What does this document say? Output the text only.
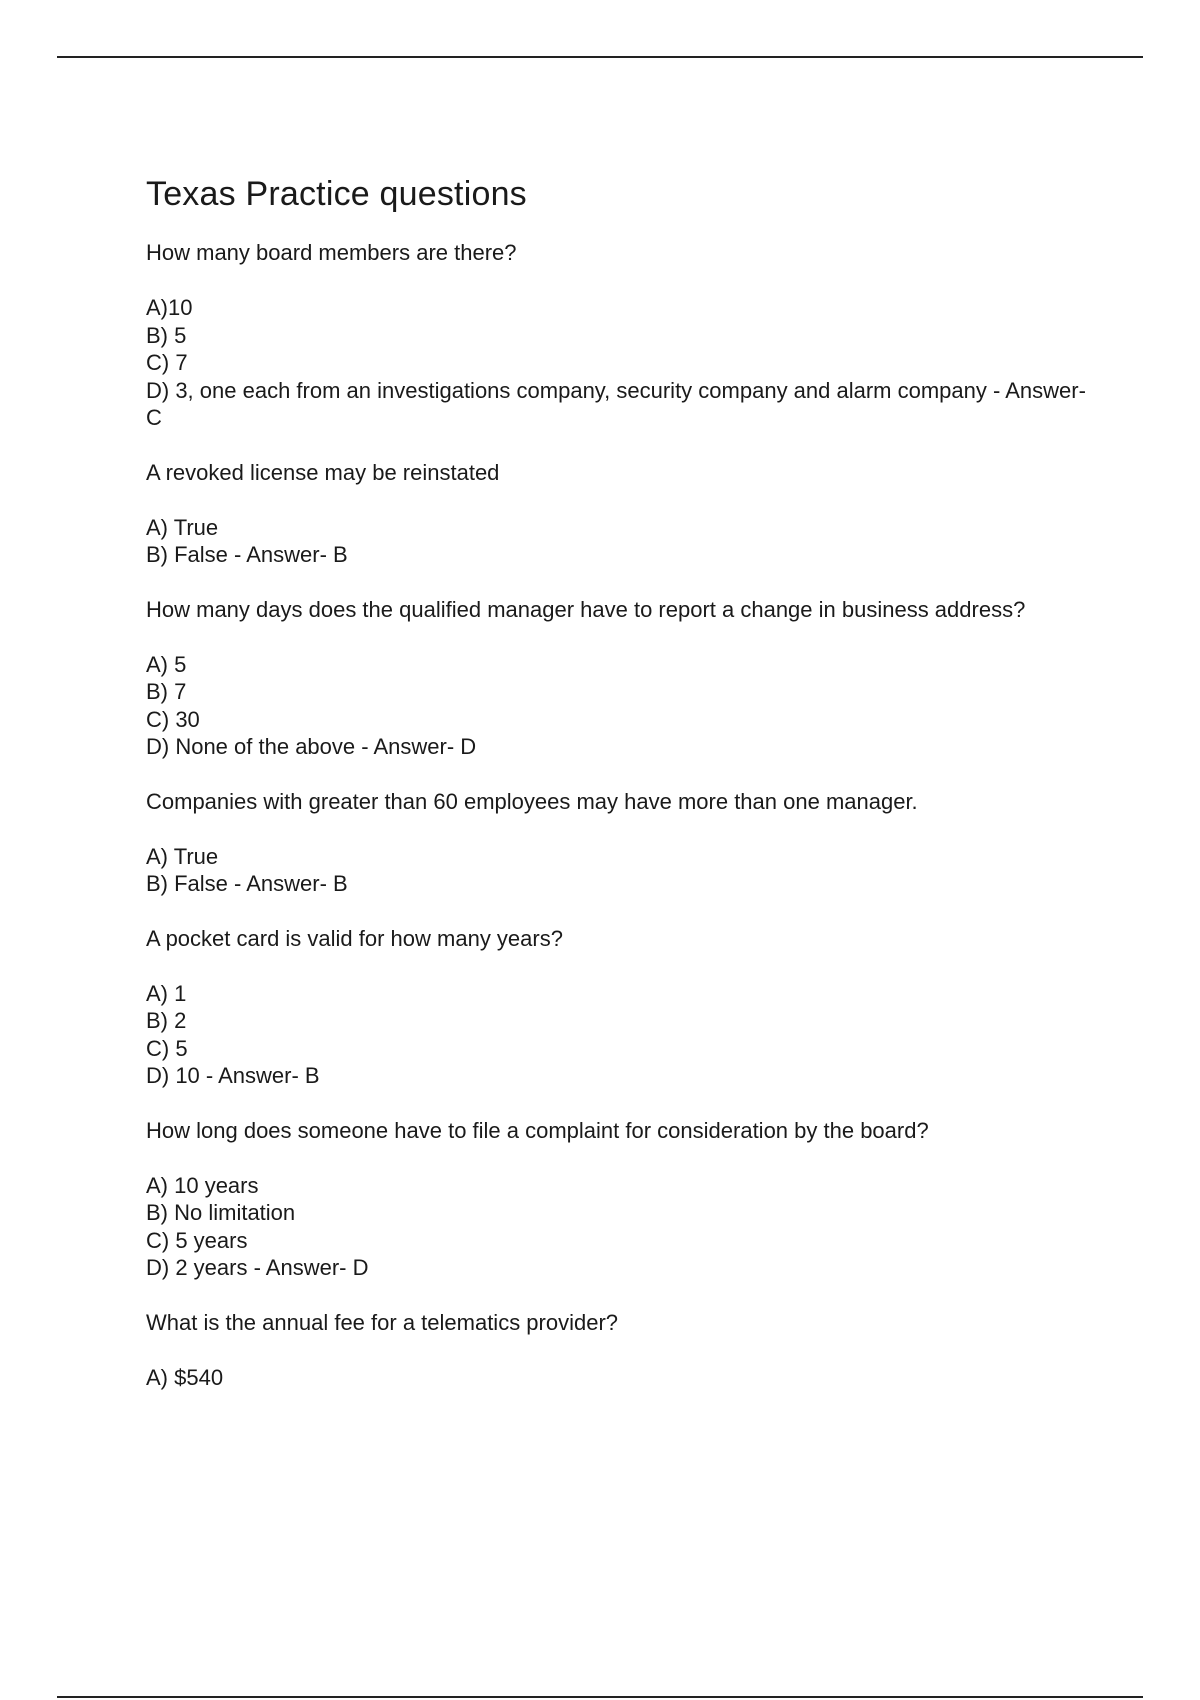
Texas Practice questions

How many board members are there?

A)10
B) 5
C) 7
D) 3, one each from an investigations company, security company and alarm company - Answer- C

A revoked license may be reinstated

A) True
B) False - Answer- B

How many days does the qualified manager have to report a change in business address?

A) 5
B) 7
C) 30
D) None of the above - Answer- D

Companies with greater than 60 employees may have more than one manager.

A) True
B) False - Answer- B

A pocket card is valid for how many years?

A) 1
B) 2
C) 5
D) 10 - Answer- B

How long does someone have to file a complaint for consideration by the board?

A) 10 years
B) No limitation
C) 5 years
D) 2 years - Answer- D

What is the annual fee for a telematics provider?

A) $540
